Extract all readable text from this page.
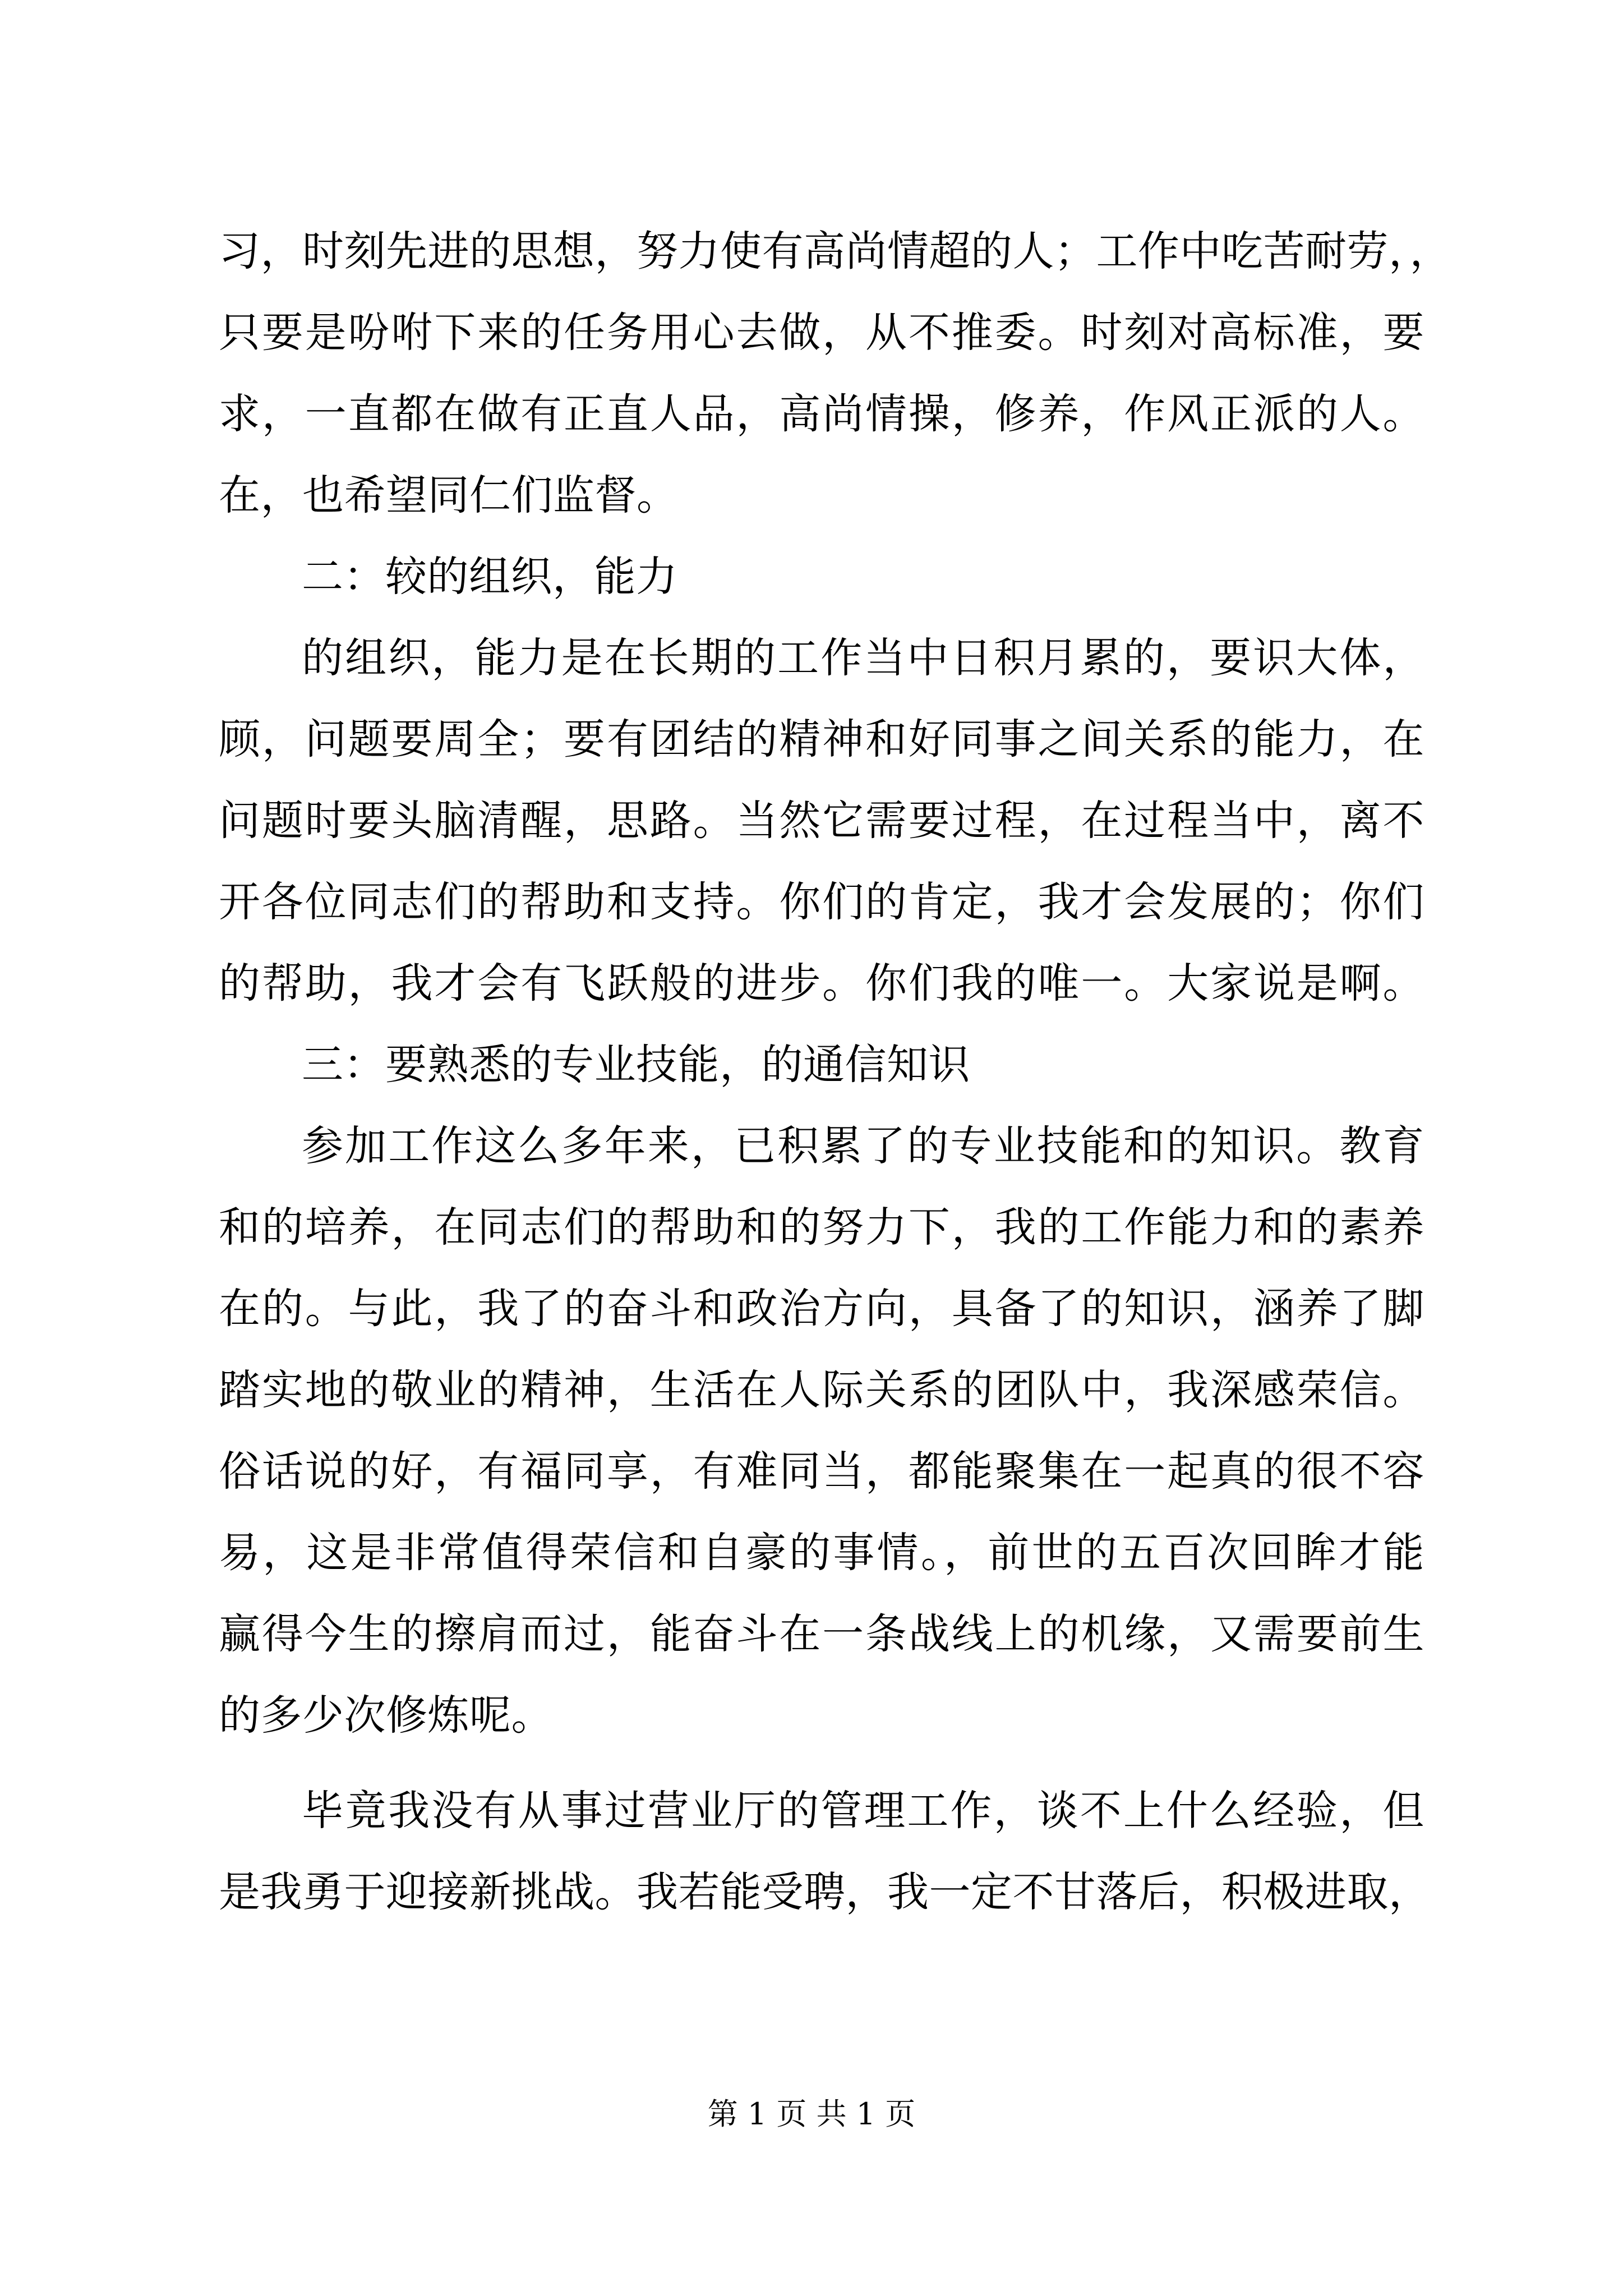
习，时刻先进的思想，努力使有高尚情超的人；工作中吃苦耐劳，，
只要是吩咐下来的任务用心去做，从不推委。时刻对高标准，要
求，一直都在做有正直人品，高尚情操，修养，作风正派的人。
在，也希望同仁们监督。
二：较的组织，能力
的组织，能力是在长期的工作当中日积月累的，要识大体，
顾，问题要周全；要有团结的精神和好同事之间关系的能力，在
问题时要头脑清醒，思路。当然它需要过程，在过程当中，离不
开各位同志们的帮助和支持。你们的肯定，我才会发展的；你们
的帮助，我才会有飞跃般的进步。你们我的唯一。大家说是啊。
三：要熟悉的专业技能，的通信知识
参加工作这么多年来，已积累了的专业技能和的知识。教育
和的培养，在同志们的帮助和的努力下，我的工作能力和的素养
在的。与此，我了的奋斗和政治方向，具备了的知识，涵养了脚
踏实地的敬业的精神，生活在人际关系的团队中，我深感荣信。
俗话说的好，有福同享，有难同当，都能聚集在一起真的很不容
易，这是非常值得荣信和自豪的事情。，前世的五百次回眸才能
赢得今生的擦肩而过，能奋斗在一条战线上的机缘，又需要前生
的多少次修炼呢。
毕竟我没有从事过营业厅的管理工作，谈不上什么经验，但
是我勇于迎接新挑战。我若能受聘，我一定不甘落后，积极进取，
第 1 页 共 1 页
